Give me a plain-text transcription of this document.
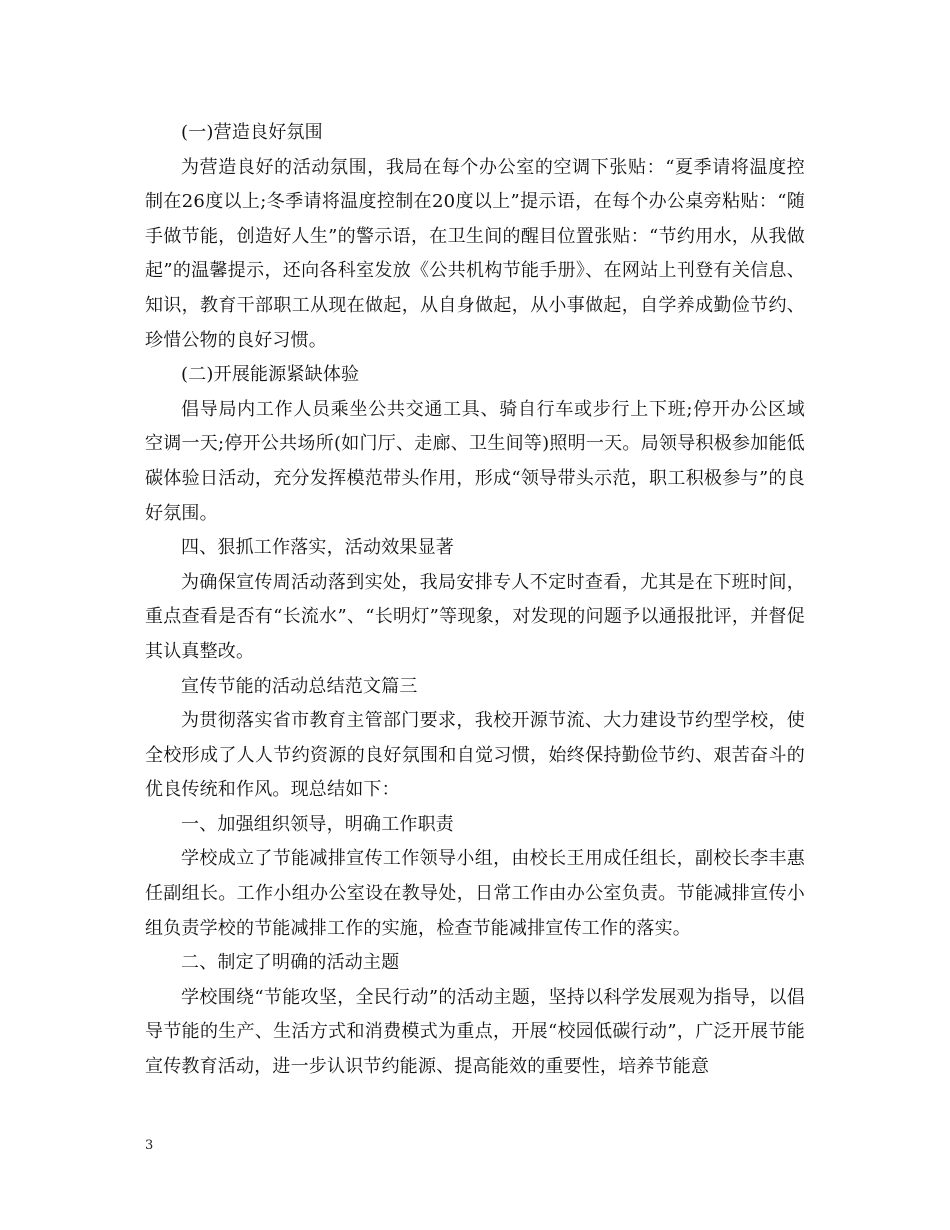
(一)营造良好氛围

为营造良好的活动氛围，我局在每个办公室的空调下张贴：“夏季请将温度控制在26度以上;冬季请将温度控制在20度以上”提示语，在每个办公桌旁粘贴：“随手做节能，创造好人生”的警示语，在卫生间的醒目位置张贴：“节约用水，从我做起”的温馨提示，还向各科室发放《公共机构节能手册》、在网站上刊登有关信息、知识，教育干部职工从现在做起，从自身做起，从小事做起，自学养成勤俭节约、珍惜公物的良好习惯。

(二)开展能源紧缺体验

倡导局内工作人员乘坐公共交通工具、骑自行车或步行上下班;停开办公区域空调一天;停开公共场所(如门厅、走廊、卫生间等)照明一天。局领导积极参加能低碳体验日活动，充分发挥模范带头作用，形成“领导带头示范，职工积极参与”的良好氛围。

四、狠抓工作落实，活动效果显著

为确保宣传周活动落到实处，我局安排专人不定时查看，尤其是在下班时间，重点查看是否有“长流水”、“长明灯”等现象，对发现的问题予以通报批评，并督促其认真整改。

宣传节能的活动总结范文篇三

为贯彻落实省市教育主管部门要求，我校开源节流、大力建设节约型学校，使全校形成了人人节约资源的良好氛围和自觉习惯，始终保持勤俭节约、艰苦奋斗的优良传统和作风。现总结如下：

一、加强组织领导，明确工作职责

学校成立了节能减排宣传工作领导小组，由校长王用成任组长，副校长李丰惠任副组长。工作小组办公室设在教导处，日常工作由办公室负责。节能减排宣传小组负责学校的节能减排工作的实施，检查节能减排宣传工作的落实。

二、制定了明确的活动主题

学校围绕“节能攻坚，全民行动”的活动主题，坚持以科学发展观为指导，以倡导节能的生产、生活方式和消费模式为重点，开展“校园低碳行动”，广泛开展节能宣传教育活动，进一步认识节约能源、提高能效的重要性，培养节能意

3
